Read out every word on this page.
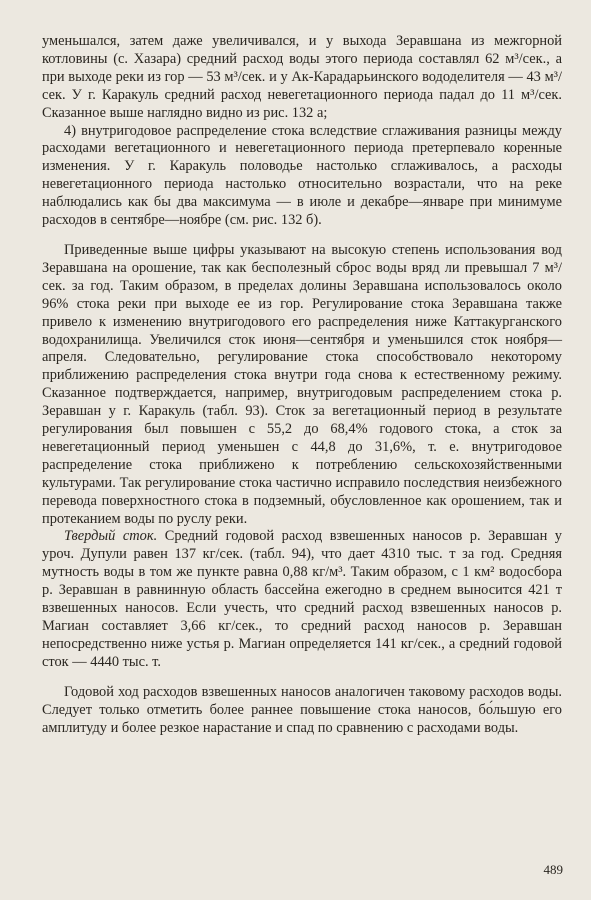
уменьшался, затем даже увеличивался, и у выхода Зеравшана из межгорной котловины (с. Хазара) средний расход воды этого периода составлял 62 м³/сек., а при выходе реки из гор — 53 м³/сек. и у Ак-Карадарьинского вододелителя — 43 м³/сек. У г. Каракуль средний расход невегетационного периода падал до 11 м³/сек. Сказанное выше наглядно видно из рис. 132 а;

4) внутригодовое распределение стока вследствие сглаживания разницы между расходами вегетационного и невегетационного периода претерпевало коренные изменения. У г. Каракуль половодье настолько сглаживалось, а расходы невегетационного периода настолько относительно возрастали, что на реке наблюдались как бы два максимума — в июле и декабре—январе при минимуме расходов в сентябре—ноябре (см. рис. 132 б).

Приведенные выше цифры указывают на высокую степень использования вод Зеравшана на орошение, так как бесполезный сброс воды вряд ли превышал 7 м³/сек. за год. Таким образом, в пределах долины Зеравшана использовалось около 96% стока реки при выходе ее из гор. Регулирование стока Зеравшана также привело к изменению внутригодового его распределения ниже Каттакурганского водохранилища. Увеличился сток июня—сентября и уменьшился сток ноября—апреля. Следовательно, регулирование стока способствовало некоторому приближению распределения стока внутри года снова к естественному режиму. Сказанное подтверждается, например, внутригодовым распределением стока р. Зеравшан у г. Каракуль (табл. 93). Сток за вегетационный период в результате регулирования был повышен с 55,2 до 68,4% годового стока, а сток за невегетационный период уменьшен с 44,8 до 31,6%, т. е. внутригодовое распределение стока приближено к потреблению сельскохозяйственными культурами. Так регулирование стока частично исправило последствия неизбежного перевода поверхностного стока в подземный, обусловленное как орошением, так и протеканием воды по руслу реки.

Твердый сток. Средний годовой расход взвешенных наносов р. Зеравшан у уроч. Дупули равен 137 кг/сек. (табл. 94), что дает 4310 тыс. т за год. Средняя мутность воды в том же пункте равна 0,88 кг/м³. Таким образом, с 1 км² водосбора р. Зеравшан в равнинную область бассейна ежегодно в среднем выносится 421 т взвешенных наносов. Если учесть, что средний расход взвешенных наносов р. Магиан составляет 3,66 кг/сек., то средний расход наносов р. Зеравшан непосредственно ниже устья р. Магиан определяется 141 кг/сек., а средний годовой сток — 4440 тыс. т.

Годовой ход расходов взвешенных наносов аналогичен таковому расходов воды. Следует только отметить более раннее повышение стока наносов, бо́льшую его амплитуду и более резкое нарастание и спад по сравнению с расходами воды.

489
